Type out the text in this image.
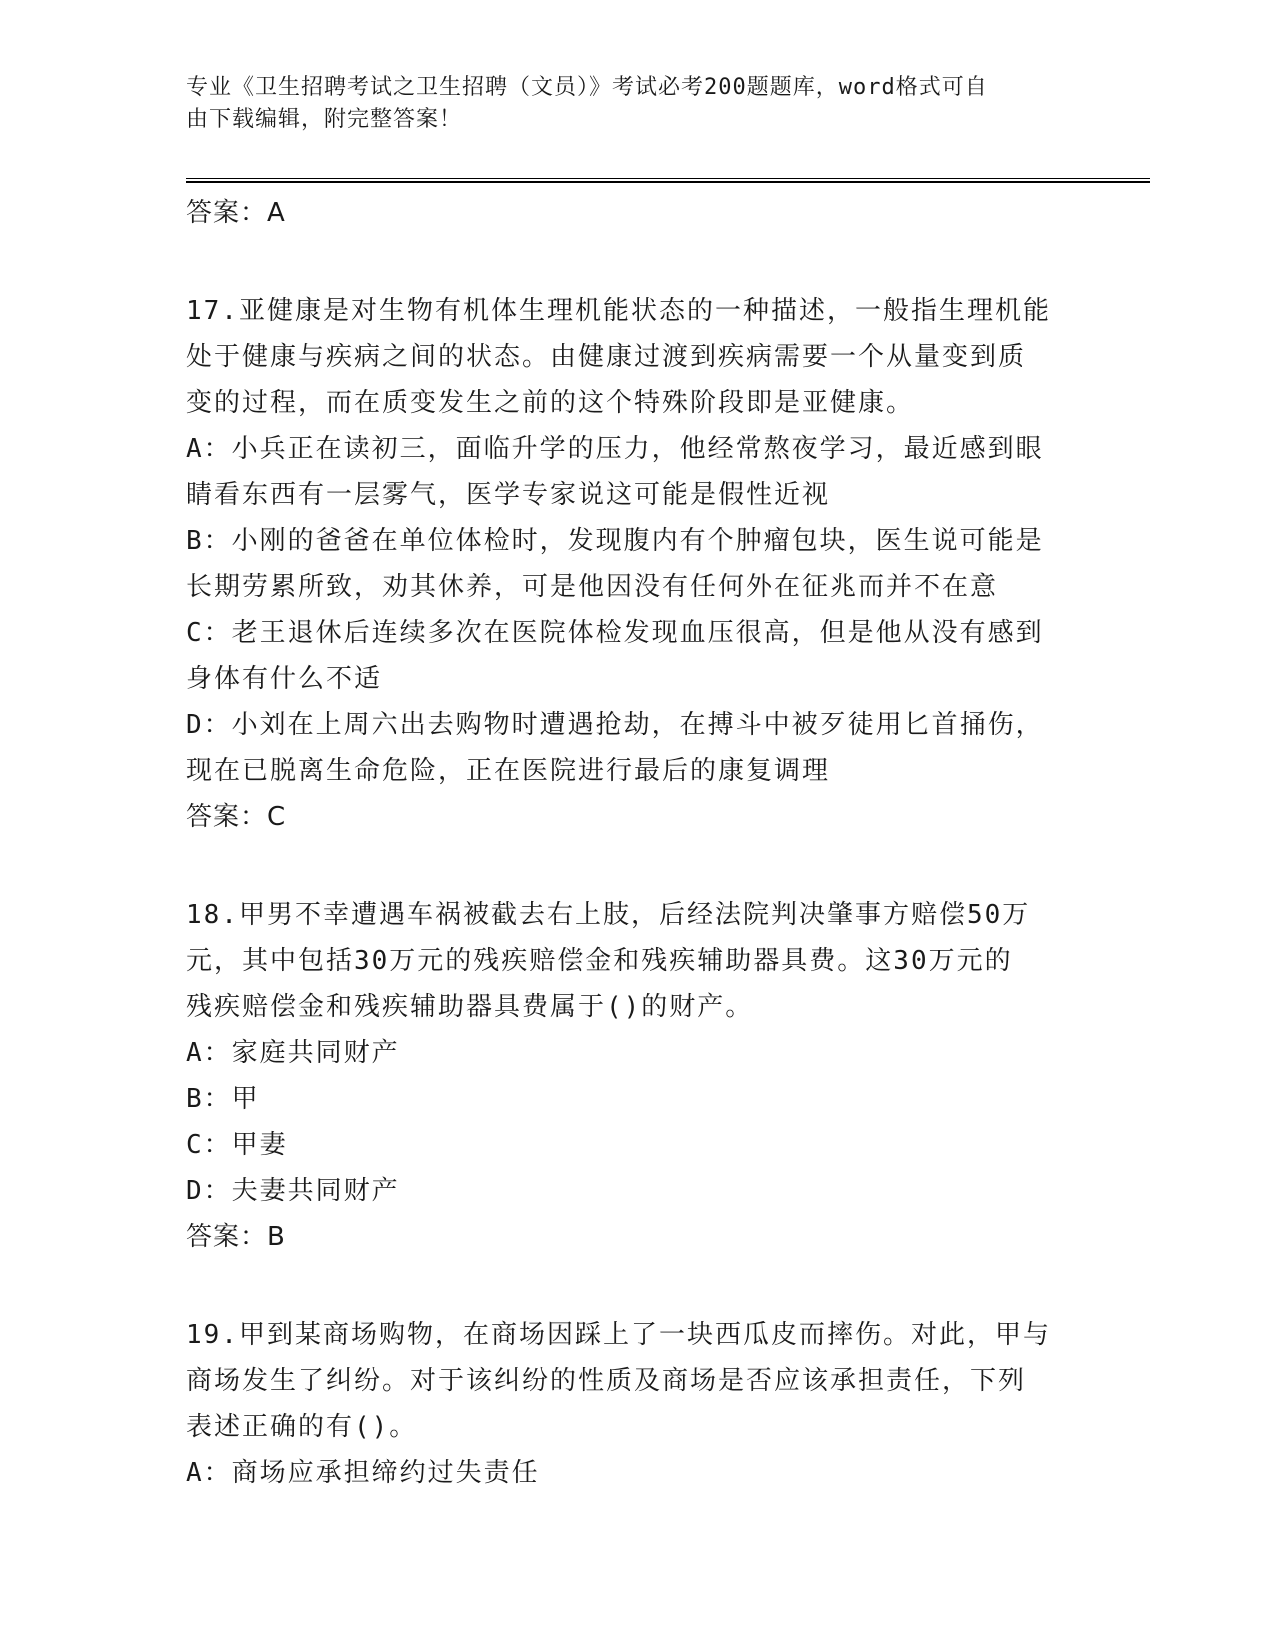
专业《卫生招聘考试之卫生招聘（文员）》考试必考200题题库，word格式可自
由下载编辑，附完整答案！
答案：A
17.亚健康是对生物有机体生理机能状态的一种描述，一般指生理机能
处于健康与疾病之间的状态。由健康过渡到疾病需要一个从量变到质
变的过程，而在质变发生之前的这个特殊阶段即是亚健康。
A：小兵正在读初三，面临升学的压力，他经常熬夜学习，最近感到眼
睛看东西有一层雾气，医学专家说这可能是假性近视
B：小刚的爸爸在单位体检时，发现腹内有个肿瘤包块，医生说可能是
长期劳累所致，劝其休养，可是他因没有任何外在征兆而并不在意
C：老王退休后连续多次在医院体检发现血压很高，但是他从没有感到
身体有什么不适
D：小刘在上周六出去购物时遭遇抢劫，在搏斗中被歹徒用匕首捅伤，
现在已脱离生命危险，正在医院进行最后的康复调理
答案：C
18.甲男不幸遭遇车祸被截去右上肢，后经法院判决肇事方赔偿50万
元，其中包括30万元的残疾赔偿金和残疾辅助器具费。这30万元的
残疾赔偿金和残疾辅助器具费属于()的财产。
A：家庭共同财产
B：甲
C：甲妻
D：夫妻共同财产
答案：B
19.甲到某商场购物，在商场因踩上了一块西瓜皮而摔伤。对此，甲与
商场发生了纠纷。对于该纠纷的性质及商场是否应该承担责任，下列
表述正确的有()。
A：商场应承担缔约过失责任
